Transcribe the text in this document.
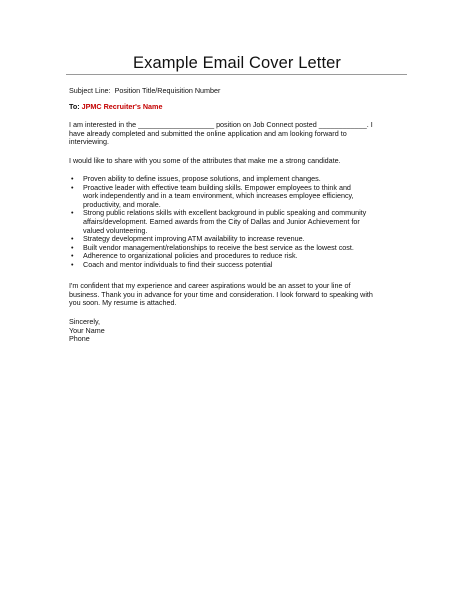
Example Email Cover Letter
Subject Line: Position Title/Requisition Number
To: JPMC Recruiter's Name
I am interested in the ___________________ position on Job Connect posted ____________. I
have already completed and submitted the online application and am looking forward to
interviewing.
I would like to share with you some of the attributes that make me a strong candidate.
• Proven ability to define issues, propose solutions, and implement changes.
• Proactive leader with effective team building skills. Empower employees to think and
work independently and in a team environment, which increases employee efficiency,
productivity, and morale.
• Strong public relations skills with excellent background in public speaking and community
affairs/development. Earned awards from the City of Dallas and Junior Achievement for
valued volunteering.
• Strategy development improving ATM availability to increase revenue.
• Built vendor management/relationships to receive the best service as the lowest cost.
• Adherence to organizational policies and procedures to reduce risk.
• Coach and mentor individuals to find their success potential
I'm confident that my experience and career aspirations would be an asset to your line of
business. Thank you in advance for your time and consideration. I look forward to speaking with
you soon. My resume is attached.
Sincerely,
Your Name
Phone
